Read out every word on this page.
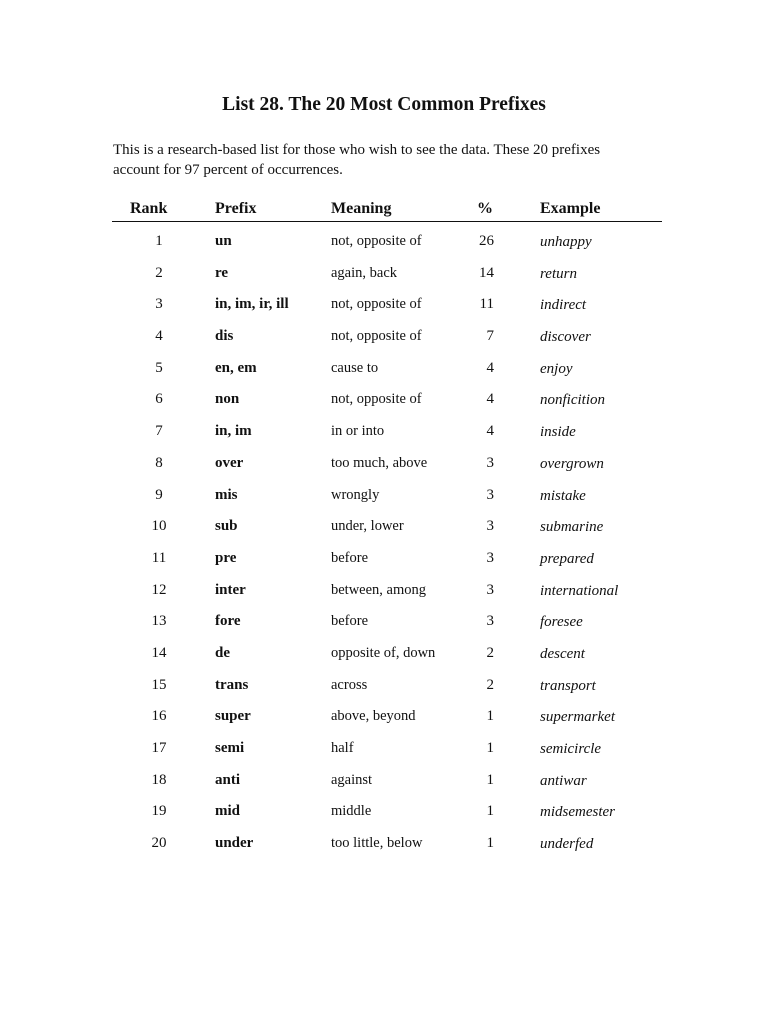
List 28. The 20 Most Common Prefixes

This is a research-based list for those who wish to see the data. These 20 prefixes

account for 97 percent of occurrences.

Rank	Prefix	Meaning	%	Example
1	un	not, opposite of	26	unhappy
2	re	again, back	14	return
3	in, im, ir, ill	not, opposite of	11	indirect
4	dis	not, opposite of	7	discover
5	en, em	cause to	4	enjoy
6	non	not, opposite of	4	nonficition
7	in, im	in or into	4	inside
8	over	too much, above	3	overgrown
9	mis	wrongly	3	mistake
10	sub	under, lower	3	submarine
11	pre	before	3	prepared
12	inter	between, among	3	international
13	fore	before	3	foresee
14	de	opposite of, down	2	descent
15	trans	across	2	transport
16	super	above, beyond	1	supermarket
17	semi	half	1	semicircle
18	anti	against	1	antiwar
19	mid	middle	1	midsemester
20	under	too little, below	1	underfed
